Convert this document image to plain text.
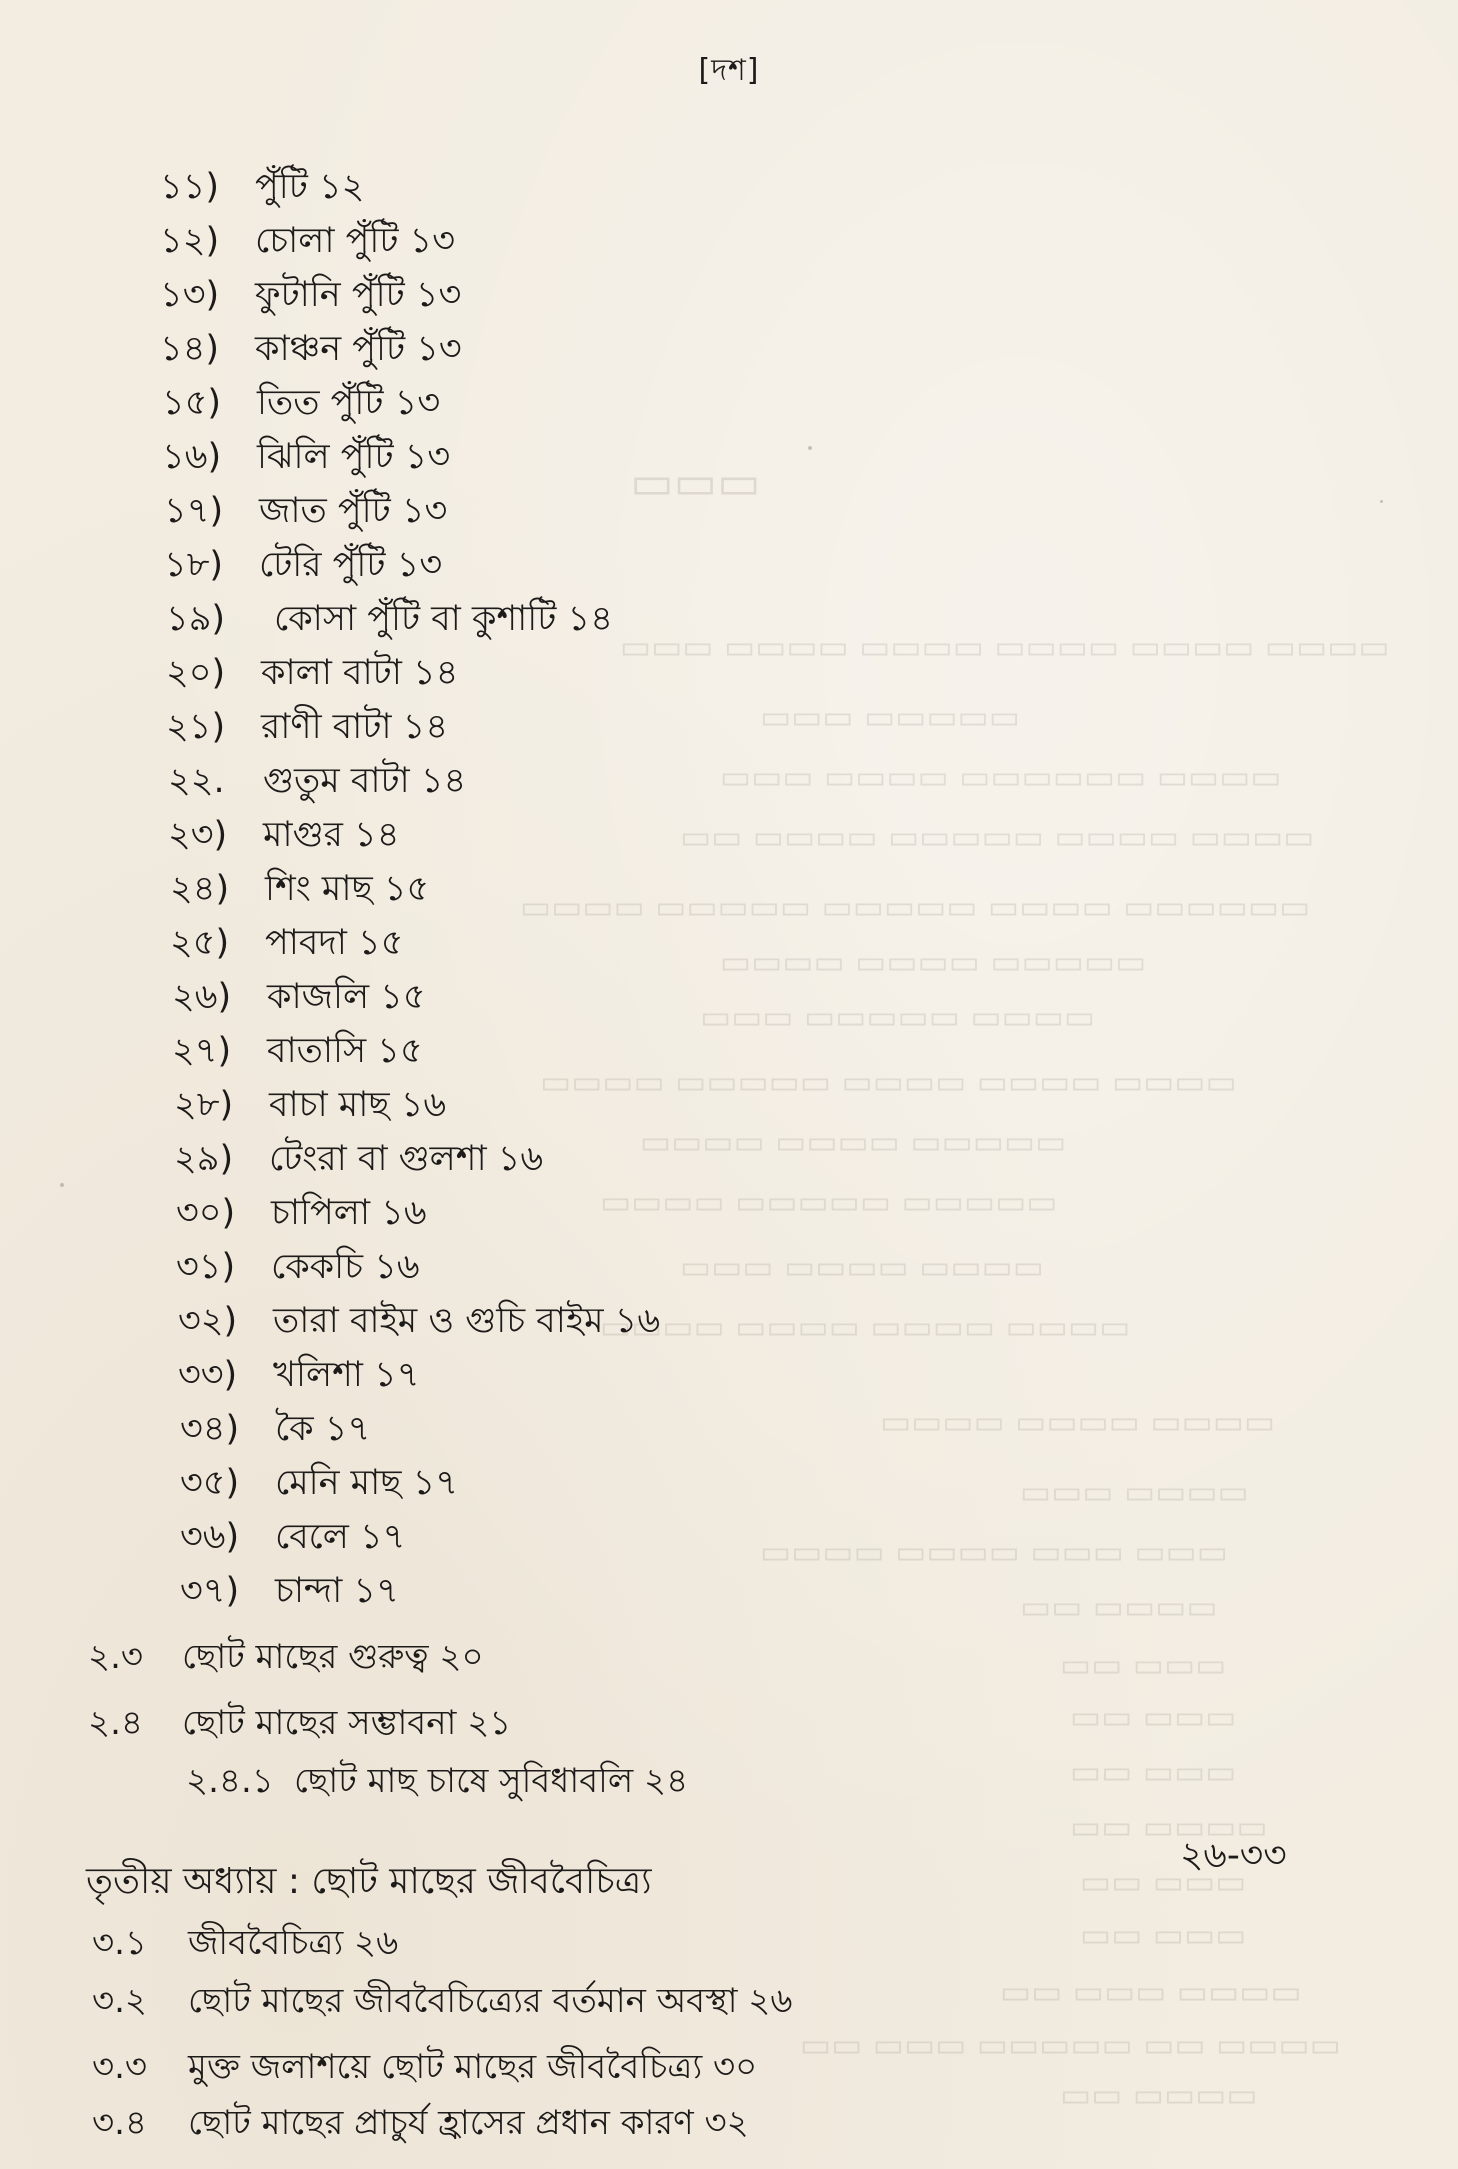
[দশ]
▭▭▭
▭▭▭▭ ▭▭▭▭ ▭▭▭▭ ▭▭▭▭ ▭▭▭▭ ▭▭▭
▭▭▭▭▭ ▭▭▭
▭▭▭▭ ▭▭▭▭▭▭ ▭▭▭▭ ▭▭▭
▭▭▭▭ ▭▭▭▭ ▭▭▭▭▭ ▭▭▭▭ ▭▭
▭▭▭▭▭▭ ▭▭▭▭ ▭▭▭▭▭ ▭▭▭▭▭ ▭▭▭▭
▭▭▭▭▭ ▭▭▭▭ ▭▭▭▭
▭▭▭▭ ▭▭▭▭▭ ▭▭▭
▭▭▭▭ ▭▭▭▭ ▭▭▭▭ ▭▭▭▭▭ ▭▭▭▭
▭▭▭▭▭ ▭▭▭▭ ▭▭▭▭
▭▭▭▭▭ ▭▭▭▭▭ ▭▭▭▭
▭▭▭▭ ▭▭▭▭ ▭▭▭
▭▭▭▭ ▭▭▭▭ ▭▭▭▭ ▭▭▭▭
▭▭▭▭ ▭▭▭▭ ▭▭▭▭
▭▭▭▭ ▭▭▭
▭▭▭ ▭▭▭ ▭▭▭▭ ▭▭▭▭
▭▭▭▭ ▭▭
▭▭▭ ▭▭
▭▭▭ ▭▭
▭▭▭ ▭▭
▭▭▭▭ ▭▭
▭▭▭ ▭▭
▭▭▭ ▭▭
▭▭▭▭ ▭▭▭ ▭▭
▭▭▭▭ ▭▭ ▭▭▭▭▭ ▭▭▭ ▭▭
▭▭▭▭ ▭▭
১১) পুঁটি ১২
১২) চোলা পুঁটি ১৩
১৩) ফুটানি পুঁটি ১৩
১৪) কাঞ্চন পুঁটি ১৩
১৫) তিত পুঁটি ১৩
১৬) ঝিলি পুঁটি ১৩
১৭) জাত পুঁটি ১৩
১৮) টেরি পুঁটি ১৩
১৯) কোসা পুঁটি বা কুশাটি ১৪
২০) কালা বাটা ১৪
২১) রাণী বাটা ১৪
২২. গুতুম বাটা ১৪
২৩) মাগুর ১৪
২৪) শিং মাছ ১৫
২৫) পাবদা ১৫
২৬) কাজলি ১৫
২৭) বাতাসি ১৫
২৮) বাচা মাছ ১৬
২৯) টেংরা বা গুলশা ১৬
৩০) চাপিলা ১৬
৩১) কেকচি ১৬
৩২) তারা বাইম ও গুচি বাইম ১৬
৩৩) খলিশা ১৭
৩৪) কৈ ১৭
৩৫) মেনি মাছ ১৭
৩৬) বেলে ১৭
৩৭) চান্দা ১৭
২.৩ ছোট মাছের গুরুত্ব ২০
২.৪ ছোট মাছের সম্ভাবনা ২১
২.৪.১ ছোট মাছ চাষে সুবিধাবলি ২৪
২৬-৩৩
তৃতীয় অধ্যায় : ছোট মাছের জীববৈচিত্র্য
৩.১ জীববৈচিত্র্য ২৬
৩.২ ছোট মাছের জীববৈচিত্র্যের বর্তমান অবস্থা ২৬
৩.৩ মুক্ত জলাশয়ে ছোট মাছের জীববৈচিত্র্য ৩০
৩.৪ ছোট মাছের প্রাচুর্য হ্রাসের প্রধান কারণ ৩২
